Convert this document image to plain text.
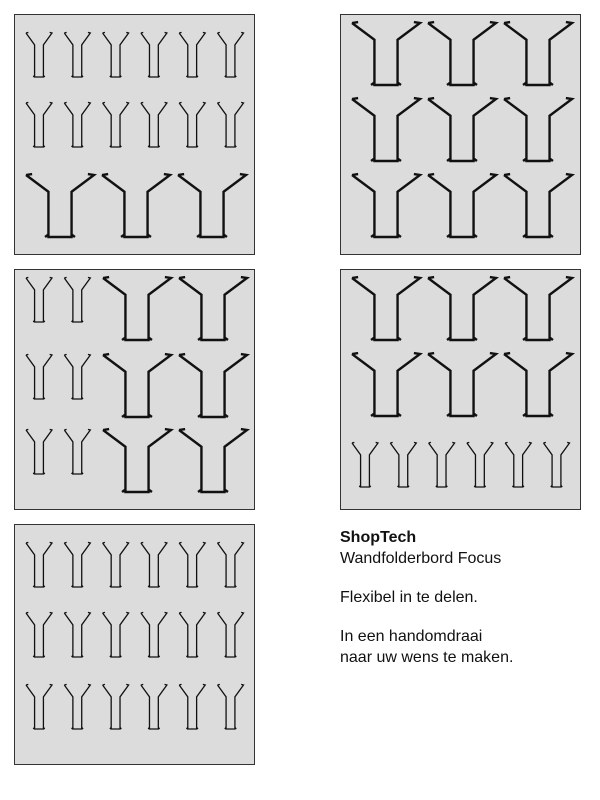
ShopTech
Wandfolderbord Focus
Flexibel in te delen.
In een handomdraai
naar uw wens te maken.
